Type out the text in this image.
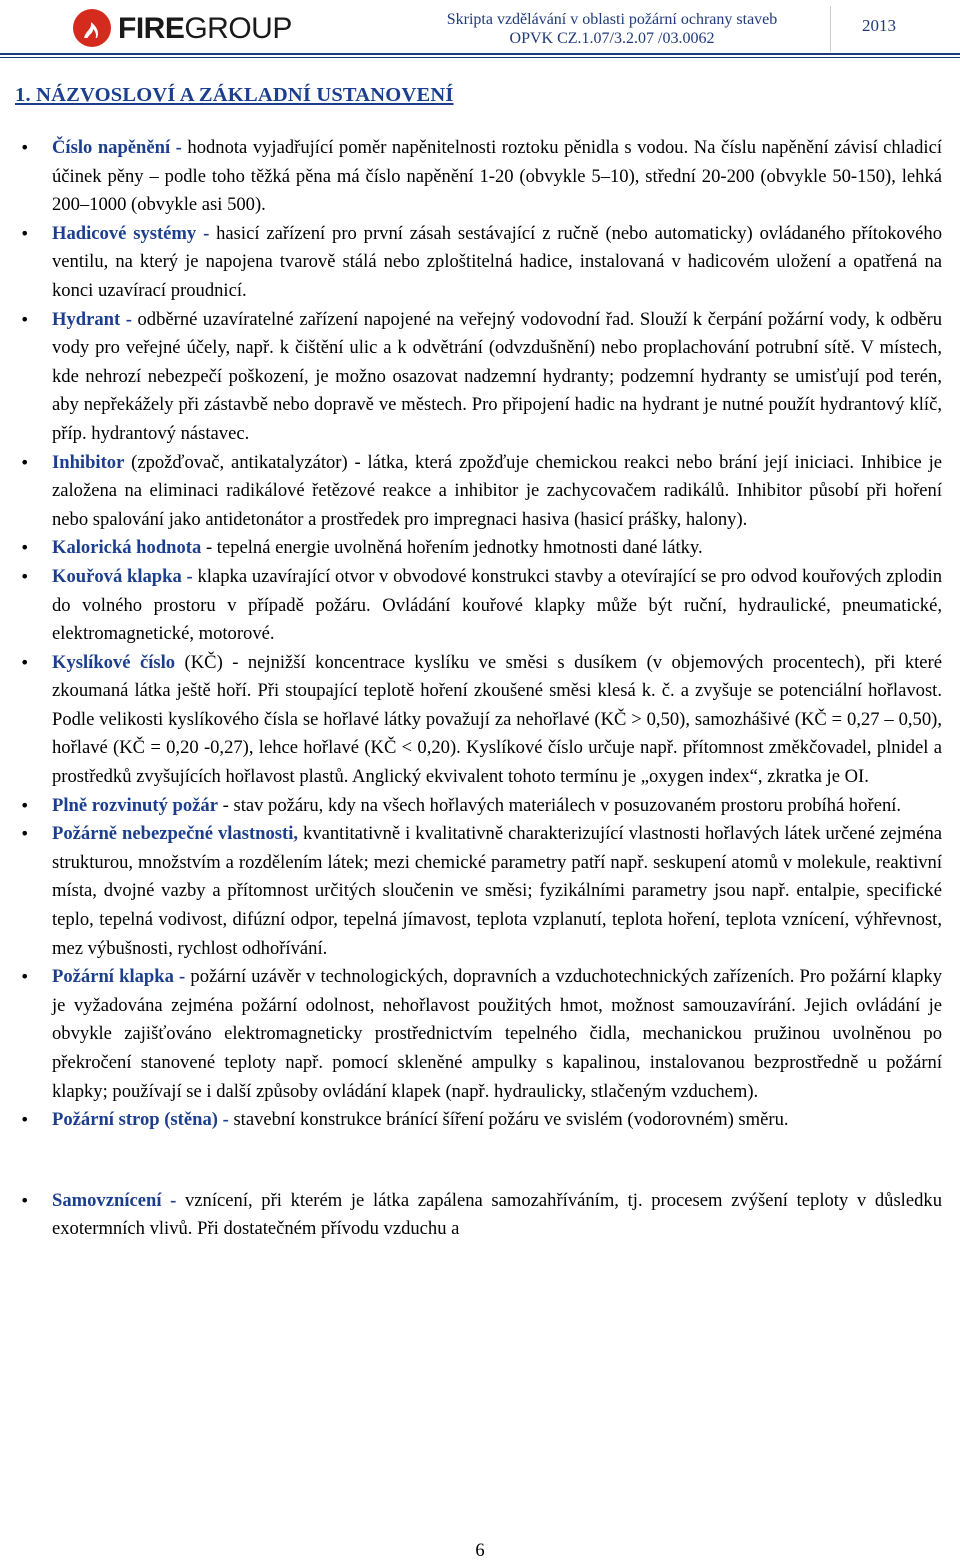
FIREGROUP	Skripta vzdělávání v oblasti požární ochrany staveb
OPVK CZ.1.07/3.2.07 /03.0062
2013
1. NÁZVOSLOVÍ A ZÁKLADNÍ USTANOVENÍ
• Číslo napěnění - hodnota vyjadřující poměr napěnitelnosti roztoku pěnidla s vodou. Na číslu napěnění závisí chladicí účinek pěny – podle toho těžká pěna má číslo napěnění 1-20 (obvykle 5–10), střední 20-200 (obvykle 50-150), lehká 200–1000 (obvykle asi 500).
• Hadicové systémy - hasicí zařízení pro první zásah sestávající z ručně (nebo automaticky) ovládaného přítokového ventilu, na který je napojena tvarově stálá nebo zploštitelná hadice, instalovaná v hadicovém uložení a opatřená na konci uzavírací proudnicí.
• Hydrant - odběrné uzavíratelné zařízení napojené na veřejný vodovodní řad. Slouží k čerpání požární vody, k odběru vody pro veřejné účely, např. k čištění ulic a k odvětrání (odvzdušnění) nebo proplachování potrubní sítě. V místech, kde nehrozí nebezpečí poškození, je možno osazovat nadzemní hydranty; podzemní hydranty se umisťují pod terén, aby nepřekážely při zástavbě nebo dopravě ve městech. Pro připojení hadic na hydrant je nutné použít hydrantový klíč, příp. hydrantový nástavec.
• Inhibitor (zpožďovač, antikatalyzátor) - látka, která zpožďuje chemickou reakci nebo brání její iniciaci. Inhibice je založena na eliminaci radikálové řetězové reakce a inhibitor je zachycovačem radikálů. Inhibitor působí při hoření nebo spalování jako antidetonátor a prostředek pro impregnaci hasiva (hasicí prášky, halony).
• Kalorická hodnota - tepelná energie uvolněná hořením jednotky hmotnosti dané látky.
• Kouřová klapka - klapka uzavírající otvor v obvodové konstrukci stavby a otevírající se pro odvod kouřových zplodin do volného prostoru v případě požáru. Ovládání kouřové klapky může být ruční, hydraulické, pneumatické, elektromagnetické, motorové.
• Kyslíkové číslo (KČ) - nejnižší koncentrace kyslíku ve směsi s dusíkem (v objemových procentech), při které zkoumaná látka ještě hoří. Při stoupající teplotě hoření zkoušené směsi klesá k. č. a zvyšuje se potenciální hořlavost. Podle velikosti kyslíkového čísla se hořlavé látky považují za nehořlavé (KČ > 0,50), samozhášivé (KČ = 0,27 – 0,50), hořlavé (KČ = 0,20 -0,27), lehce hořlavé (KČ < 0,20). Kyslíkové číslo určuje např. přítomnost změkčovadel, plnidel a prostředků zvyšujících hořlavost plastů. Anglický ekvivalent tohoto termínu je „oxygen index“, zkratka je OI.
• Plně rozvinutý požár - stav požáru, kdy na všech hořlavých materiálech v posuzovaném prostoru probíhá hoření.
• Požárně nebezpečné vlastnosti, kvantitativně i kvalitativně charakterizující vlastnosti hořlavých látek určené zejména strukturou, množstvím a rozdělením látek; mezi chemické parametry patří např. seskupení atomů v molekule, reaktivní místa, dvojné vazby a přítomnost určitých sloučenin ve směsi; fyzikálními parametry jsou např. entalpie, specifické teplo, tepelná vodivost, difúzní odpor, tepelná jímavost, teplota vzplanutí, teplota hoření, teplota vznícení, výhřevnost, mez výbušnosti, rychlost odhořívání.
• Požární klapka - požární uzávěr v technologických, dopravních a vzduchotechnických zařízeních. Pro požární klapky je vyžadována zejména požární odolnost, nehořlavost použitých hmot, možnost samouzavírání. Jejich ovládání je obvykle zajišťováno elektromagneticky prostřednictvím tepelného čidla, mechanickou pružinou uvolněnou po překročení stanovené teploty např. pomocí skleněné ampulky s kapalinou, instalovanou bezprostředně u požární klapky; používají se i další způsoby ovládání klapek (např. hydraulicky, stlačeným vzduchem).
• Požární strop (stěna) - stavební konstrukce bránící šíření požáru ve svislém (vodorovném) směru.
• Samovznícení - vznícení, při kterém je látka zapálena samozahříváním, tj. procesem zvýšení teploty v důsledku exotermních vlivů. Při dostatečném přívodu vzduchu a
6
